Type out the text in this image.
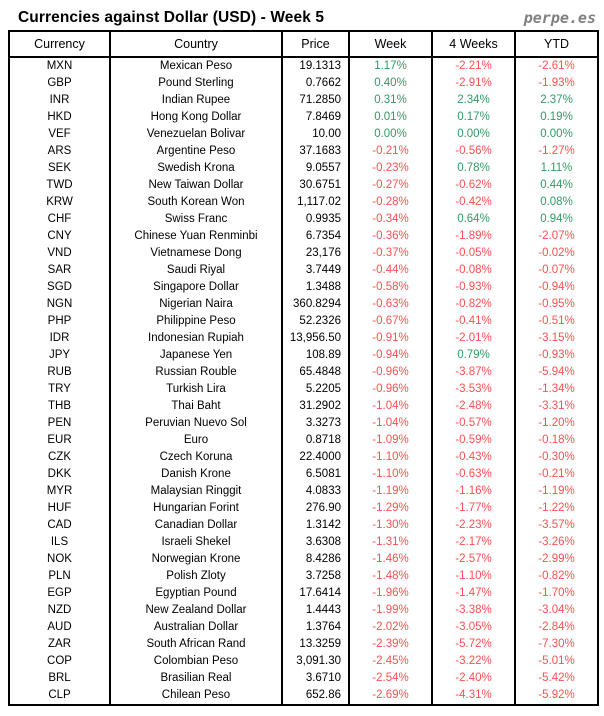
Currencies against Dollar (USD) - Week 5	perpe.es
Currency	Country	Price	Week	4 Weeks	YTD
MXN	Mexican Peso	19.1313	1.17%	-2.21%	-2.61%
GBP	Pound Sterling	0.7662	0.40%	-2.91%	-1.93%
INR	Indian Rupee	71.2850	0.31%	2.34%	2.37%
HKD	Hong Kong Dollar	7.8469	0.01%	0.17%	0.19%
VEF	Venezuelan Bolivar	10.00	0.00%	0.00%	0.00%
ARS	Argentine Peso	37.1683	-0.21%	-0.56%	-1.27%
SEK	Swedish Krona	9.0557	-0.23%	0.78%	1.11%
TWD	New Taiwan Dollar	30.6751	-0.27%	-0.62%	0.44%
KRW	South Korean Won	1,117.02	-0.28%	-0.42%	0.08%
CHF	Swiss Franc	0.9935	-0.34%	0.64%	0.94%
CNY	Chinese Yuan Renminbi	6.7354	-0.36%	-1.89%	-2.07%
VND	Vietnamese Dong	23,176	-0.37%	-0.05%	-0.02%
SAR	Saudi Riyal	3.7449	-0.44%	-0.08%	-0.07%
SGD	Singapore Dollar	1.3488	-0.58%	-0.93%	-0.94%
NGN	Nigerian Naira	360.8294	-0.63%	-0.82%	-0.95%
PHP	Philippine Peso	52.2326	-0.67%	-0.41%	-0.51%
IDR	Indonesian Rupiah	13,956.50	-0.91%	-2.01%	-3.15%
JPY	Japanese Yen	108.89	-0.94%	0.79%	-0.93%
RUB	Russian Rouble	65.4848	-0.96%	-3.87%	-5.94%
TRY	Turkish Lira	5.2205	-0.96%	-3.53%	-1.34%
THB	Thai Baht	31.2902	-1.04%	-2.48%	-3.31%
PEN	Peruvian Nuevo Sol	3.3273	-1.04%	-0.57%	-1.20%
EUR	Euro	0.8718	-1.09%	-0.59%	-0.18%
CZK	Czech Koruna	22.4000	-1.10%	-0.43%	-0.30%
DKK	Danish Krone	6.5081	-1.10%	-0.63%	-0.21%
MYR	Malaysian Ringgit	4.0833	-1.19%	-1.16%	-1.19%
HUF	Hungarian Forint	276.90	-1.29%	-1.77%	-1.22%
CAD	Canadian Dollar	1.3142	-1.30%	-2.23%	-3.57%
ILS	Israeli Shekel	3.6308	-1.31%	-2.17%	-3.26%
NOK	Norwegian Krone	8.4286	-1.46%	-2.57%	-2.99%
PLN	Polish Zloty	3.7258	-1.48%	-1.10%	-0.82%
EGP	Egyptian Pound	17.6414	-1.96%	-1.47%	-1.70%
NZD	New Zealand Dollar	1.4443	-1.99%	-3.38%	-3.04%
AUD	Australian Dollar	1.3764	-2.02%	-3.05%	-2.84%
ZAR	South African Rand	13.3259	-2.39%	-5.72%	-7.30%
COP	Colombian Peso	3,091.30	-2.45%	-3.22%	-5.01%
BRL	Brasilian Real	3.6710	-2.54%	-2.40%	-5.42%
CLP	Chilean Peso	652.86	-2.69%	-4.31%	-5.92%
